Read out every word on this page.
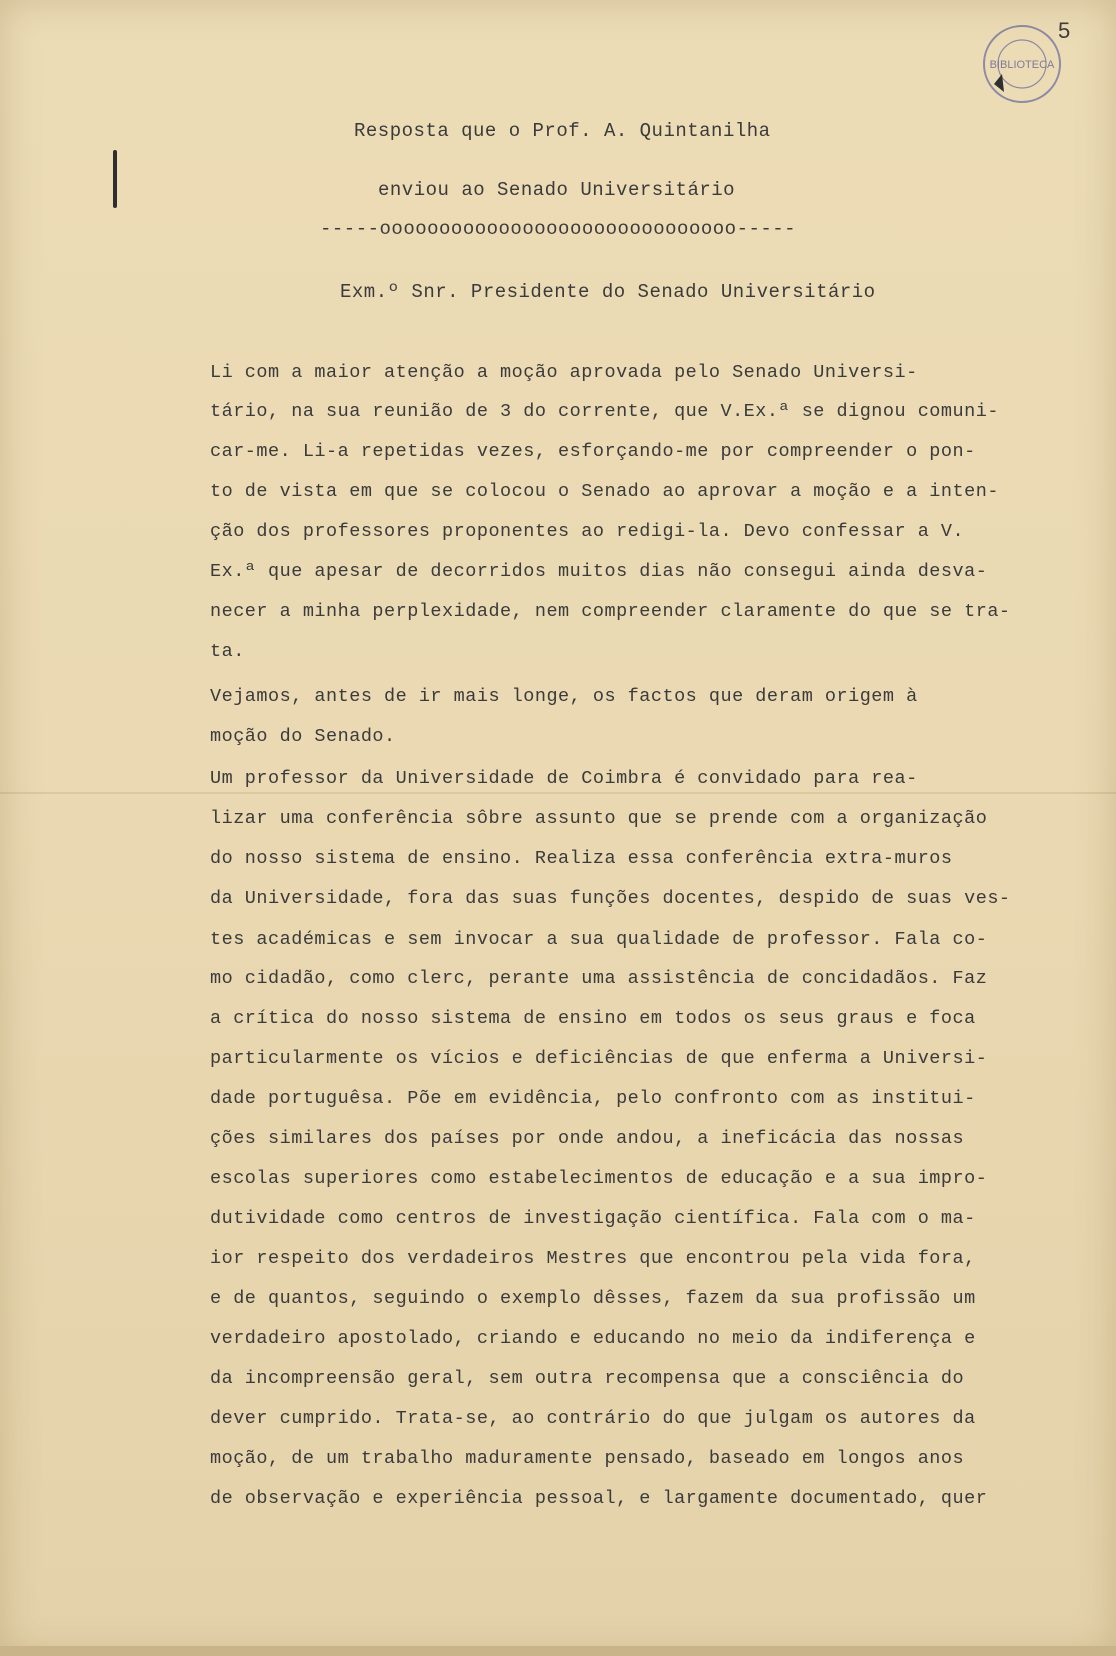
BIBLIOTECA
5
Resposta que o Prof. A. Quintanilha
enviou ao Senado Universitário
-----oooooooooooooooooooooooooooooo-----
Exm.º Snr. Presidente do Senado Universitário
Li com a maior atenção a moção aprovada pelo Senado Universi-
tário, na sua reunião de 3 do corrente, que V.Ex.ª se dignou comuni-
car-me. Li-a repetidas vezes, esforçando-me por compreender o pon-
to de vista em que se colocou o Senado ao aprovar a moção e a inten-
ção dos professores proponentes ao redigi-la. Devo confessar a V.
Ex.ª que apesar de decorridos muitos dias não consegui ainda desva-
necer a minha perplexidade, nem compreender claramente do que se tra-
ta.
Vejamos, antes de ir mais longe, os factos que deram origem à
moção do Senado.
Um professor da Universidade de Coimbra é convidado para rea-
lizar uma conferência sôbre assunto que se prende com a organização
do nosso sistema de ensino. Realiza essa conferência extra-muros
da Universidade, fora das suas funções docentes, despido de suas ves-
tes académicas e sem invocar a sua qualidade de professor. Fala co-
mo cidadão, como clerc, perante uma assistência de concidadãos. Faz
a crítica do nosso sistema de ensino em todos os seus graus e foca
particularmente os vícios e deficiências de que enferma a Universi-
dade portuguêsa. Põe em evidência, pelo confronto com as institui-
ções similares dos países por onde andou, a ineficácia das nossas
escolas superiores como estabelecimentos de educação e a sua impro-
dutividade como centros de investigação científica. Fala com o ma-
ior respeito dos verdadeiros Mestres que encontrou pela vida fora,
e de quantos, seguindo o exemplo dêsses, fazem da sua profissão um
verdadeiro apostolado, criando e educando no meio da indiferença e
da incompreensão geral, sem outra recompensa que a consciência do
dever cumprido. Trata-se, ao contrário do que julgam os autores da
moção, de um trabalho maduramente pensado, baseado em longos anos
de observação e experiência pessoal, e largamente documentado, quer
